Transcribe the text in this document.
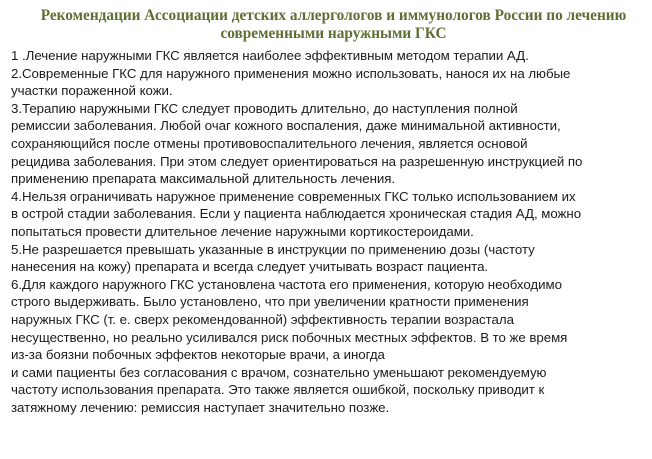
Рекомендации Ассоциации детских аллергологов и иммунологов России по лечению
современными наружными ГКС
1 .Лечение наружными ГКС является наиболее эффективным методом терапии АД.
2.Современные ГКС для наружного применения можно использовать, нанося их на любые
участки пораженной кожи.
3.Терапию наружными ГКС следует проводить длительно, до наступления полной
ремиссии заболевания. Любой очаг кожного воспаления, даже минимальной активности,
сохраняющийся после отмены противовоспалительного лечения, является основой
рецидива заболевания. При этом следует ориентироваться на разрешенную инструкцией по
применению препарата максимальной длительность лечения.
4.Нельзя ограничивать наружное применение современных ГКС только использованием их
в острой стадии заболевания. Если у пациента наблюдается хроническая стадия АД, можно
попытаться провести длительное лечение наружными кортикостероидами.
5.Не разрешается превышать указанные в инструкции по применению дозы (частоту
нанесения на кожу) препарата и всегда следует учитывать возраст пациента.
6.Для каждого наружного ГКС установлена частота его применения, которую необходимо
строго выдерживать. Было установлено, что при увеличении кратности применения
наружных ГКС (т. е. сверх рекомендованной) эффективность терапии возрастала
несущественно, но реально усиливался риск побочных местных эффектов. В то же время
из-за боязни побочных эффектов некоторые врачи, а иногда
и сами пациенты без согласования с врачом, сознательно уменьшают рекомендуемую
частоту использования препарата. Это также является ошибкой, поскольку приводит к
затяжному лечению: ремиссия наступает значительно позже.
